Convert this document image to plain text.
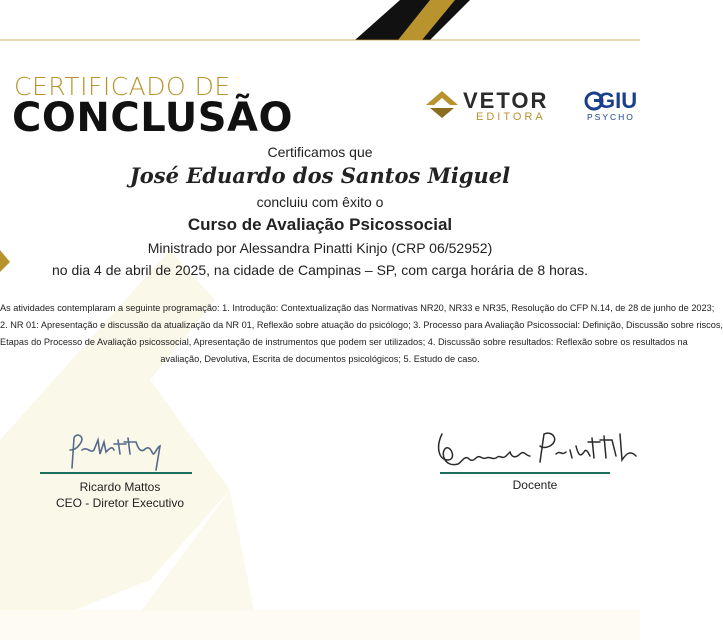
CERTIFICADO DE
CONCLUSÃO	VETOR
EDITORA
GIU
PSYCHO
Certificamos que
José Eduardo dos Santos Miguel
concluiu com êxito o
Curso de Avaliação Psicossocial
Ministrado por Alessandra Pinatti Kinjo (CRP 06/52952)
no dia 4 de abril de 2025, na cidade de Campinas – SP, com carga horária de 8 horas.
As atividades contemplaram a seguinte programação: 1. Introdução: Contextualização das Normativas NR20, NR33 e NR35, Resolução do CFP N.14, de 28 de junho de 2023;
2. NR 01: Apresentação e discussão da atualização da NR 01, Reflexão sobre atuação do psicólogo; 3. Processo para Avaliação Psicossocial: Definição, Discussão sobre riscos,
Etapas do Processo de Avaliação psicossocial, Apresentação de instrumentos que podem ser utilizados; 4. Discussão sobre resultados: Reflexão sobre os resultados na
avaliação, Devolutiva, Escrita de documentos psicológicos; 5. Estudo de caso.
Ricardo Mattos
CEO - Diretor Executivo
Docente
